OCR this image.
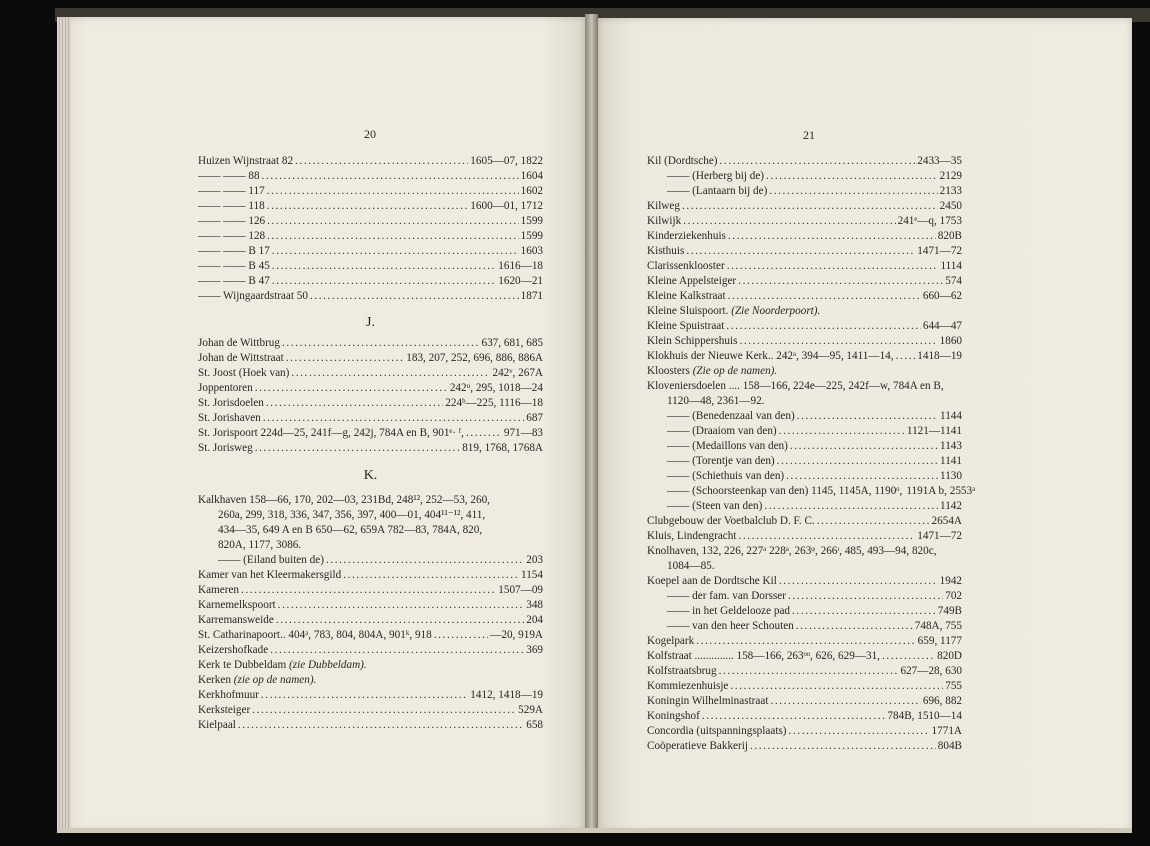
20	21
Huizen Wijnstraat 82 .....	1605—07, 1822
—— —— 88 .....	1604
—— —— 117 .....	1602
—— —— 118 .....	1600—01, 1712
—— —— 126 .....	1599
—— —— 128 .....	1599
—— —— B 17 .....	1603
—— —— B 45 .....	1616—18
—— —— B 47 .....	1620—21
—— Wijngaardstraat 50 .....	1871
J.
Johan de Wittbrug .....	637, 681, 685
Johan de Wittstraat .....	183, 207, 252, 696, 886, 886A
St. Joost (Hoek van) .....	242ᵛ, 267A
Joppentoren .....	242ᵘ, 295, 1018—24
St. Jorisdoelen .....	224ᵇ—225, 1116—18
St. Jorishaven .....	687
St. Jorispoort 224d—25, 241f—g, 242j, 784A en B, 901ᵉ· ᶠ, .....	971—83
St. Jorisweg .....	819, 1768, 1768A
K.
Kalkhaven 158—66, 170, 202—03, 231Bd, 248¹², 252—53, 260,
260a, 299, 318, 336, 347, 356, 397, 400—01, 404¹¹⁻¹², 411,
434—35, 649 A en B 650—62, 659A 782—83, 784A, 820,
820A, 1177, 3086.
—— (Eiland buiten de) .....	203
Kamer van het Kleermakersgild .....	1154
Kameren .....	1507—09
Karnemelkspoort .....	348
Karremansweide .....	204
St. Catharinapoort.. 404ᵃ, 783, 804, 804A, 901ᵏ, 918 .....	—20, 919A
Keizershofkade .....	369
Kerk te Dubbeldam (zie Dubbeldam).
Kerken (zie op de namen).
Kerkhofmuur .....	1412, 1418—19
Kerksteiger .....	529A
Kielpaal .....	658
Kil (Dordtsche) .....	2433—35
—— (Herberg bij de) .....	2129
—— (Lantaarn bij de) .....	2133
Kilweg .....	2450
Kilwijk .....	241ᵉ—q, 1753
Kinderziekenhuis .....	820B
Kisthuis .....	1471—72
Clarissenklooster .....	1114
Kleine Appelsteiger .....	574
Kleine Kalkstraat .....	660—62
Kleine Sluispoort. (Zie Noorderpoort).
Kleine Spuistraat .....	644—47
Klein Schippershuis .....	1860
Klokhuis der Nieuwe Kerk.. 242ᵃ, 394—95, 1411—14, ..... 1418—19
Kloosters (Zie op de namen).
Kloveniersdoelen .... 158—166, 224e—225, 242f—w, 784A en B,
1120—48, 2361—92.
—— (Benedenzaal van den) .....	1144
—— (Draaiom van den) .....	1121—1141
—— (Medaillons van den) .....	1143
—— (Torentje van den) .....	1141
—— (Schiethuis van den) .....	1130
—— (Schoorsteenkap van den) 1145, 1145A, 1190ᵒ, 1191A b, 2553ᵃ
—— (Steen van den) .....	1142
Clubgebouw der Voetbalclub D. F. C. .....	2654A
Kluis, Lindengracht .....	1471—72
Knolhaven, 132, 226, 227ᵃ 228ᵃ, 263ᵠ, 266ᶦ, 485, 493—94, 820c,
1084—85.
Koepel aan de Dordtsche Kil .....	1942
—— der fam. van Dorsser .....	702
—— in het Geldelooze pad .....	749B
—— van den heer Schouten .....	748A, 755
Kogelpark .....	659, 1177
Kolfstraat .............. 158—166, 263ᵒᵒ, 626, 629—31, .....	820D
Kolfstraatsbrug .....	627—28, 630
Kommiezenhuisje .....	755
Koningin Wilhelminastraat .....	696, 882
Koningshof .....	784B, 1510—14
Concordia (uitspanningsplaats) .....	1771A
Coöperatieve Bakkerij .....	804B
